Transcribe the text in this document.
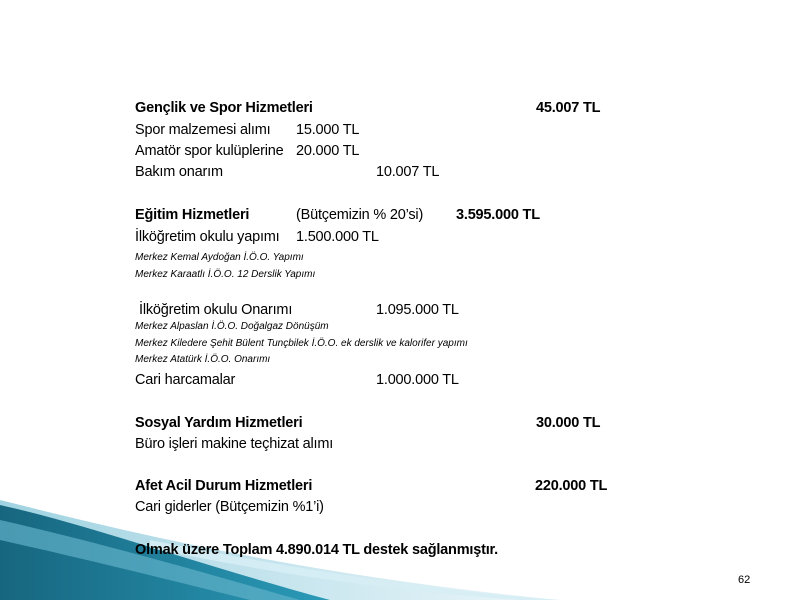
Gençlik ve Spor Hizmetleri	45.007 TL
Spor malzemesi alımı 15.000 TL
Amatör spor kulüplerine 20.000 TL
Bakım onarım	10.007 TL
Eğitim Hizmetleri	(Bütçemizin % 20’si) 3.595.000 TL
İlköğretim okulu yapımı 1.500.000 TL
Merkez Kemal Aydoğan İ.Ö.O. Yapımı
Merkez Karaatlı İ.Ö.O. 12 Derslik Yapımı
İlköğretim okulu Onarımı	1.095.000 TL
Merkez Alpaslan İ.Ö.O. Doğalgaz Dönüşüm
Merkez Kiledere Şehit Bülent Tunçbilek İ.Ö.O. ek derslik ve kalorifer yapımı
Merkez Atatürk İ.Ö.O. Onarımı
Cari harcamalar	1.000.000 TL
Sosyal Yardım Hizmetleri	30.000 TL
Büro işleri makine teçhizat alımı
Afet Acil Durum Hizmetleri	220.000 TL
Cari giderler (Bütçemizin %1’i)
Olmak üzere Toplam 4.890.014 TL destek sağlanmıştır.
62
